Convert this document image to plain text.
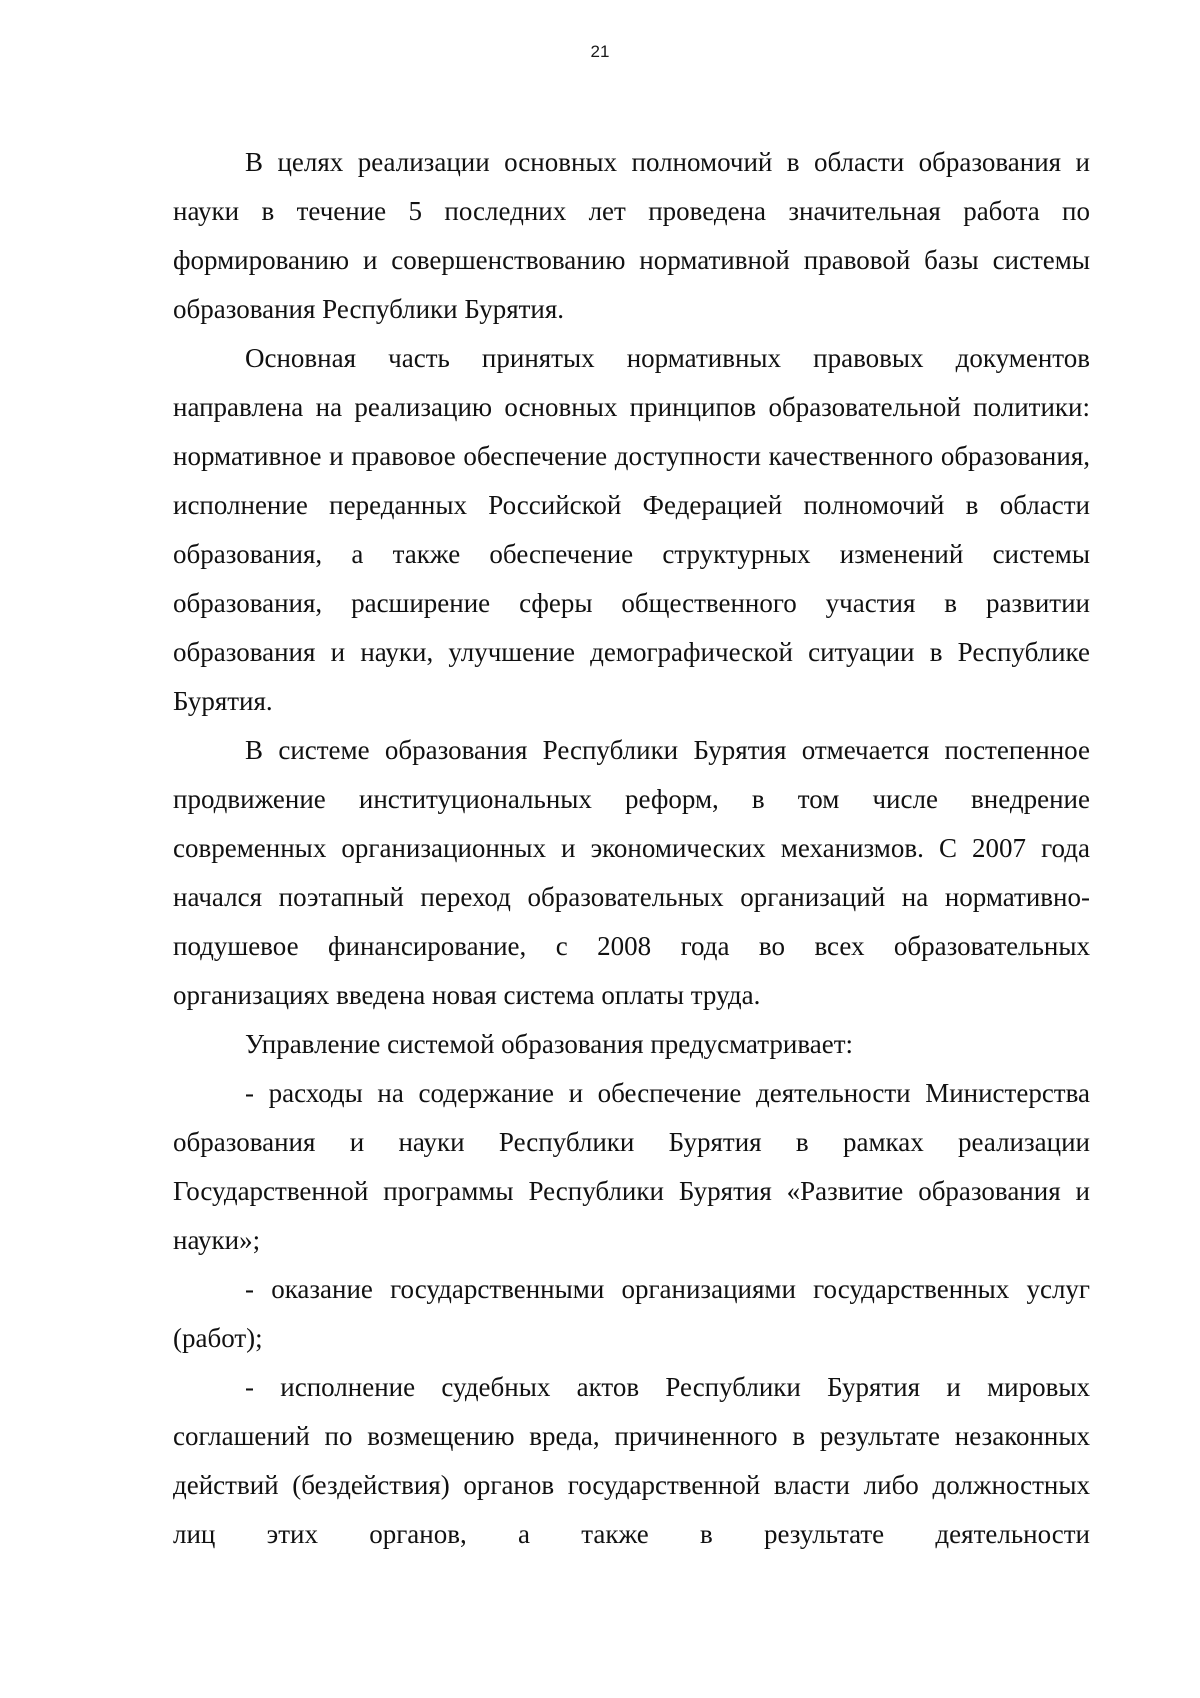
21

В целях реализации основных полномочий в области образования и науки в течение 5 последних лет проведена значительная работа по формированию и совершенствованию нормативной правовой базы системы образования Республики Бурятия.

Основная часть принятых нормативных правовых документов направлена на реализацию основных принципов образовательной политики: нормативное и правовое обеспечение доступности качественного образования, исполнение переданных Российской Федерацией полномочий в области образования, а также обеспечение структурных изменений системы образования, расширение сферы общественного участия в развитии образования и науки, улучшение демографической ситуации в Республике Бурятия.

В системе образования Республики Бурятия отмечается постепенное продвижение институциональных реформ, в том числе внедрение современных организационных и экономических механизмов. С 2007 года начался поэтапный переход образовательных организаций на нормативно-подушевое финансирование, с 2008 года во всех образовательных организациях введена новая система оплаты труда.

Управление системой образования предусматривает:

- расходы на содержание и обеспечение деятельности Министерства образования и науки Республики Бурятия в рамках реализации Государственной программы Республики Бурятия «Развитие образования и науки»;

- оказание государственными организациями государственных услуг (работ);

- исполнение судебных актов Республики Бурятия и мировых соглашений по возмещению вреда, причиненного в результате незаконных действий (бездействия) органов государственной власти либо должностных лиц этих органов, а также в результате деятельности
